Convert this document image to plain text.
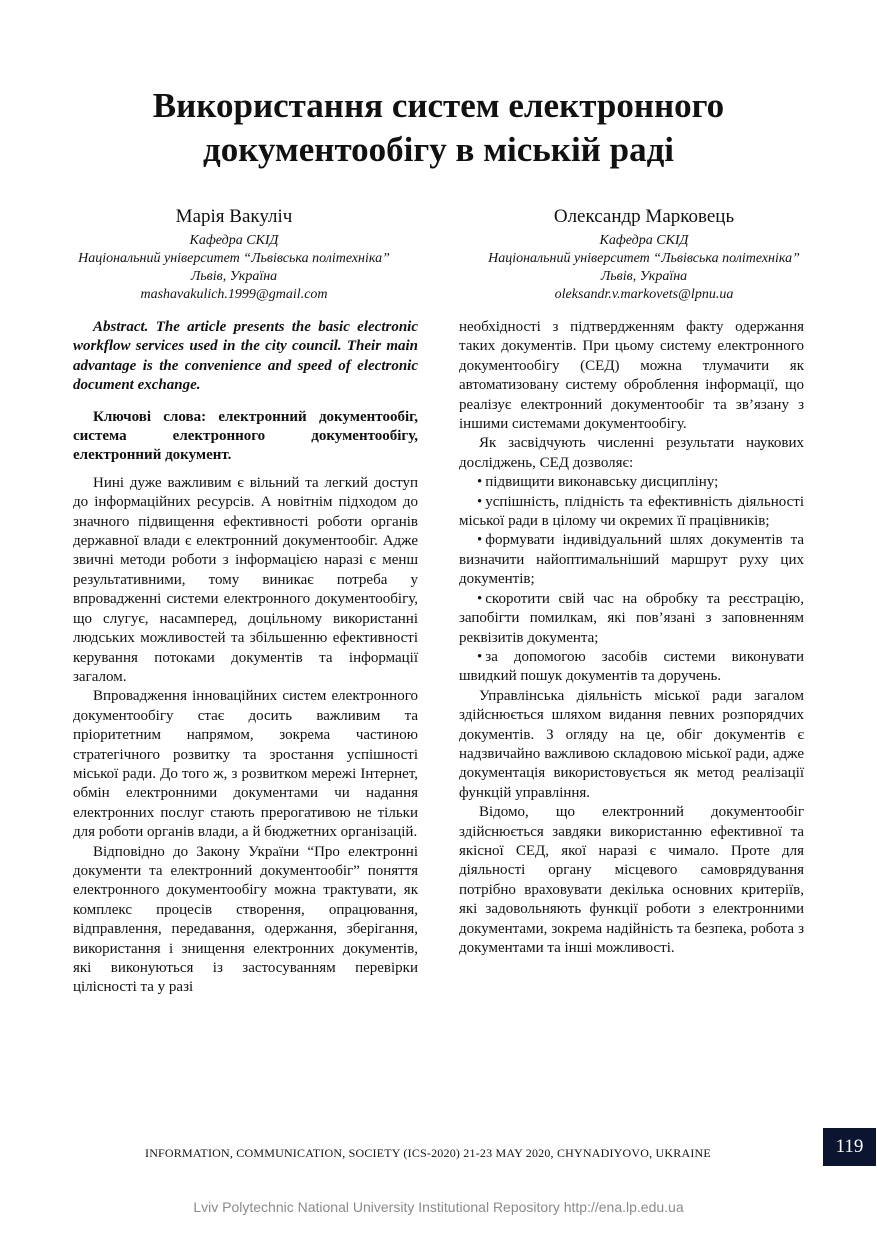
Використання систем електронного
документообігу в міській раді
Марія Вакуліч
Кафедра СКІД
Національний університет “Львівська політехніка”
Львів, Україна
mashavakulich.1999@gmail.com
Олександр Марковець
Кафедра СКІД
Національний університет “Львівська політехніка”
Львів, Україна
oleksandr.v.markovets@lpnu.ua

Abstract. The article presents the basic electronic workflow services used in the city council. Their main advantage is the convenience and speed of electronic document exchange.

Ключові слова: електронний документообіг, система електронного документообігу, електронний документ.

Нині дуже важливим є вільний та легкий доступ до інформаційних ресурсів. А новітнім підходом до значного підвищення ефективності роботи органів державної влади є електронний документообіг. Адже звичні методи роботи з інформацією наразі є менш результативними, тому виникає потреба у впровадженні системи електронного документообігу, що слугує, насамперед, доцільному використанні людських можливостей та збільшенню ефективності керування потоками документів та інформації загалом.

Впровадження інноваційних систем електронного документообігу стає досить важливим та пріоритетним напрямом, зокрема частиною стратегічного розвитку та зростання успішності міської ради. До того ж, з розвитком мережі Інтернет, обмін електронними документами чи надання електронних послуг стають прерогативою не тільки для роботи органів влади, а й бюджетних організацій.

Відповідно до Закону України “Про електронні документи та електронний документообіг” поняття електронного документообігу можна трактувати, як комплекс процесів створення, опрацювання, відправлення, передавання, одержання, зберігання, використання і знищення електронних документів, які виконуються із застосуванням перевірки цілісності та у разі

необхідності з підтвердженням факту одержання таких документів. При цьому систему електронного документообігу (СЕД) можна тлумачити як автоматизовану систему оброблення інформації, що реалізує електронний документообіг та зв’язану з іншими системами документообігу.

Як засвідчують численні результати наукових досліджень, СЕД дозволяє:

• підвищити виконавську дисципліну;

• успішність, плідність та ефективність діяльності міської ради в цілому чи окремих її працівників;

• формувати індивідуальний шлях документів та визначити найоптимальніший маршрут руху цих документів;

• скоротити свій час на обробку та реєстрацію, запобігти помилкам, які пов’язані з заповненням реквізитів документа;

• за допомогою засобів системи виконувати швидкий пошук документів та доручень.

Управлінська діяльність міської ради загалом здійснюється шляхом видання певних розпорядчих документів. З огляду на це, обіг документів є надзвичайно важливою складовою міської ради, адже документація використовується як метод реалізації функцій управління.

Відомо, що електронний документообіг здійснюється завдяки використанню ефективної та якісної СЕД, якої наразі є чимало. Проте для діяльності органу місцевого самоврядування потрібно враховувати декілька основних критеріїв, які задовольняють функції роботи з електронними документами, зокрема надійність та безпека, робота з документами та інші можливості.

INFORMATION, COMMUNICATION, SOCIETY (ICS-2020) 21-23 MAY 2020, CHYNADIYOVO, UKRAINE	119
Lviv Polytechnic National University Institutional Repository http://ena.lp.edu.ua
